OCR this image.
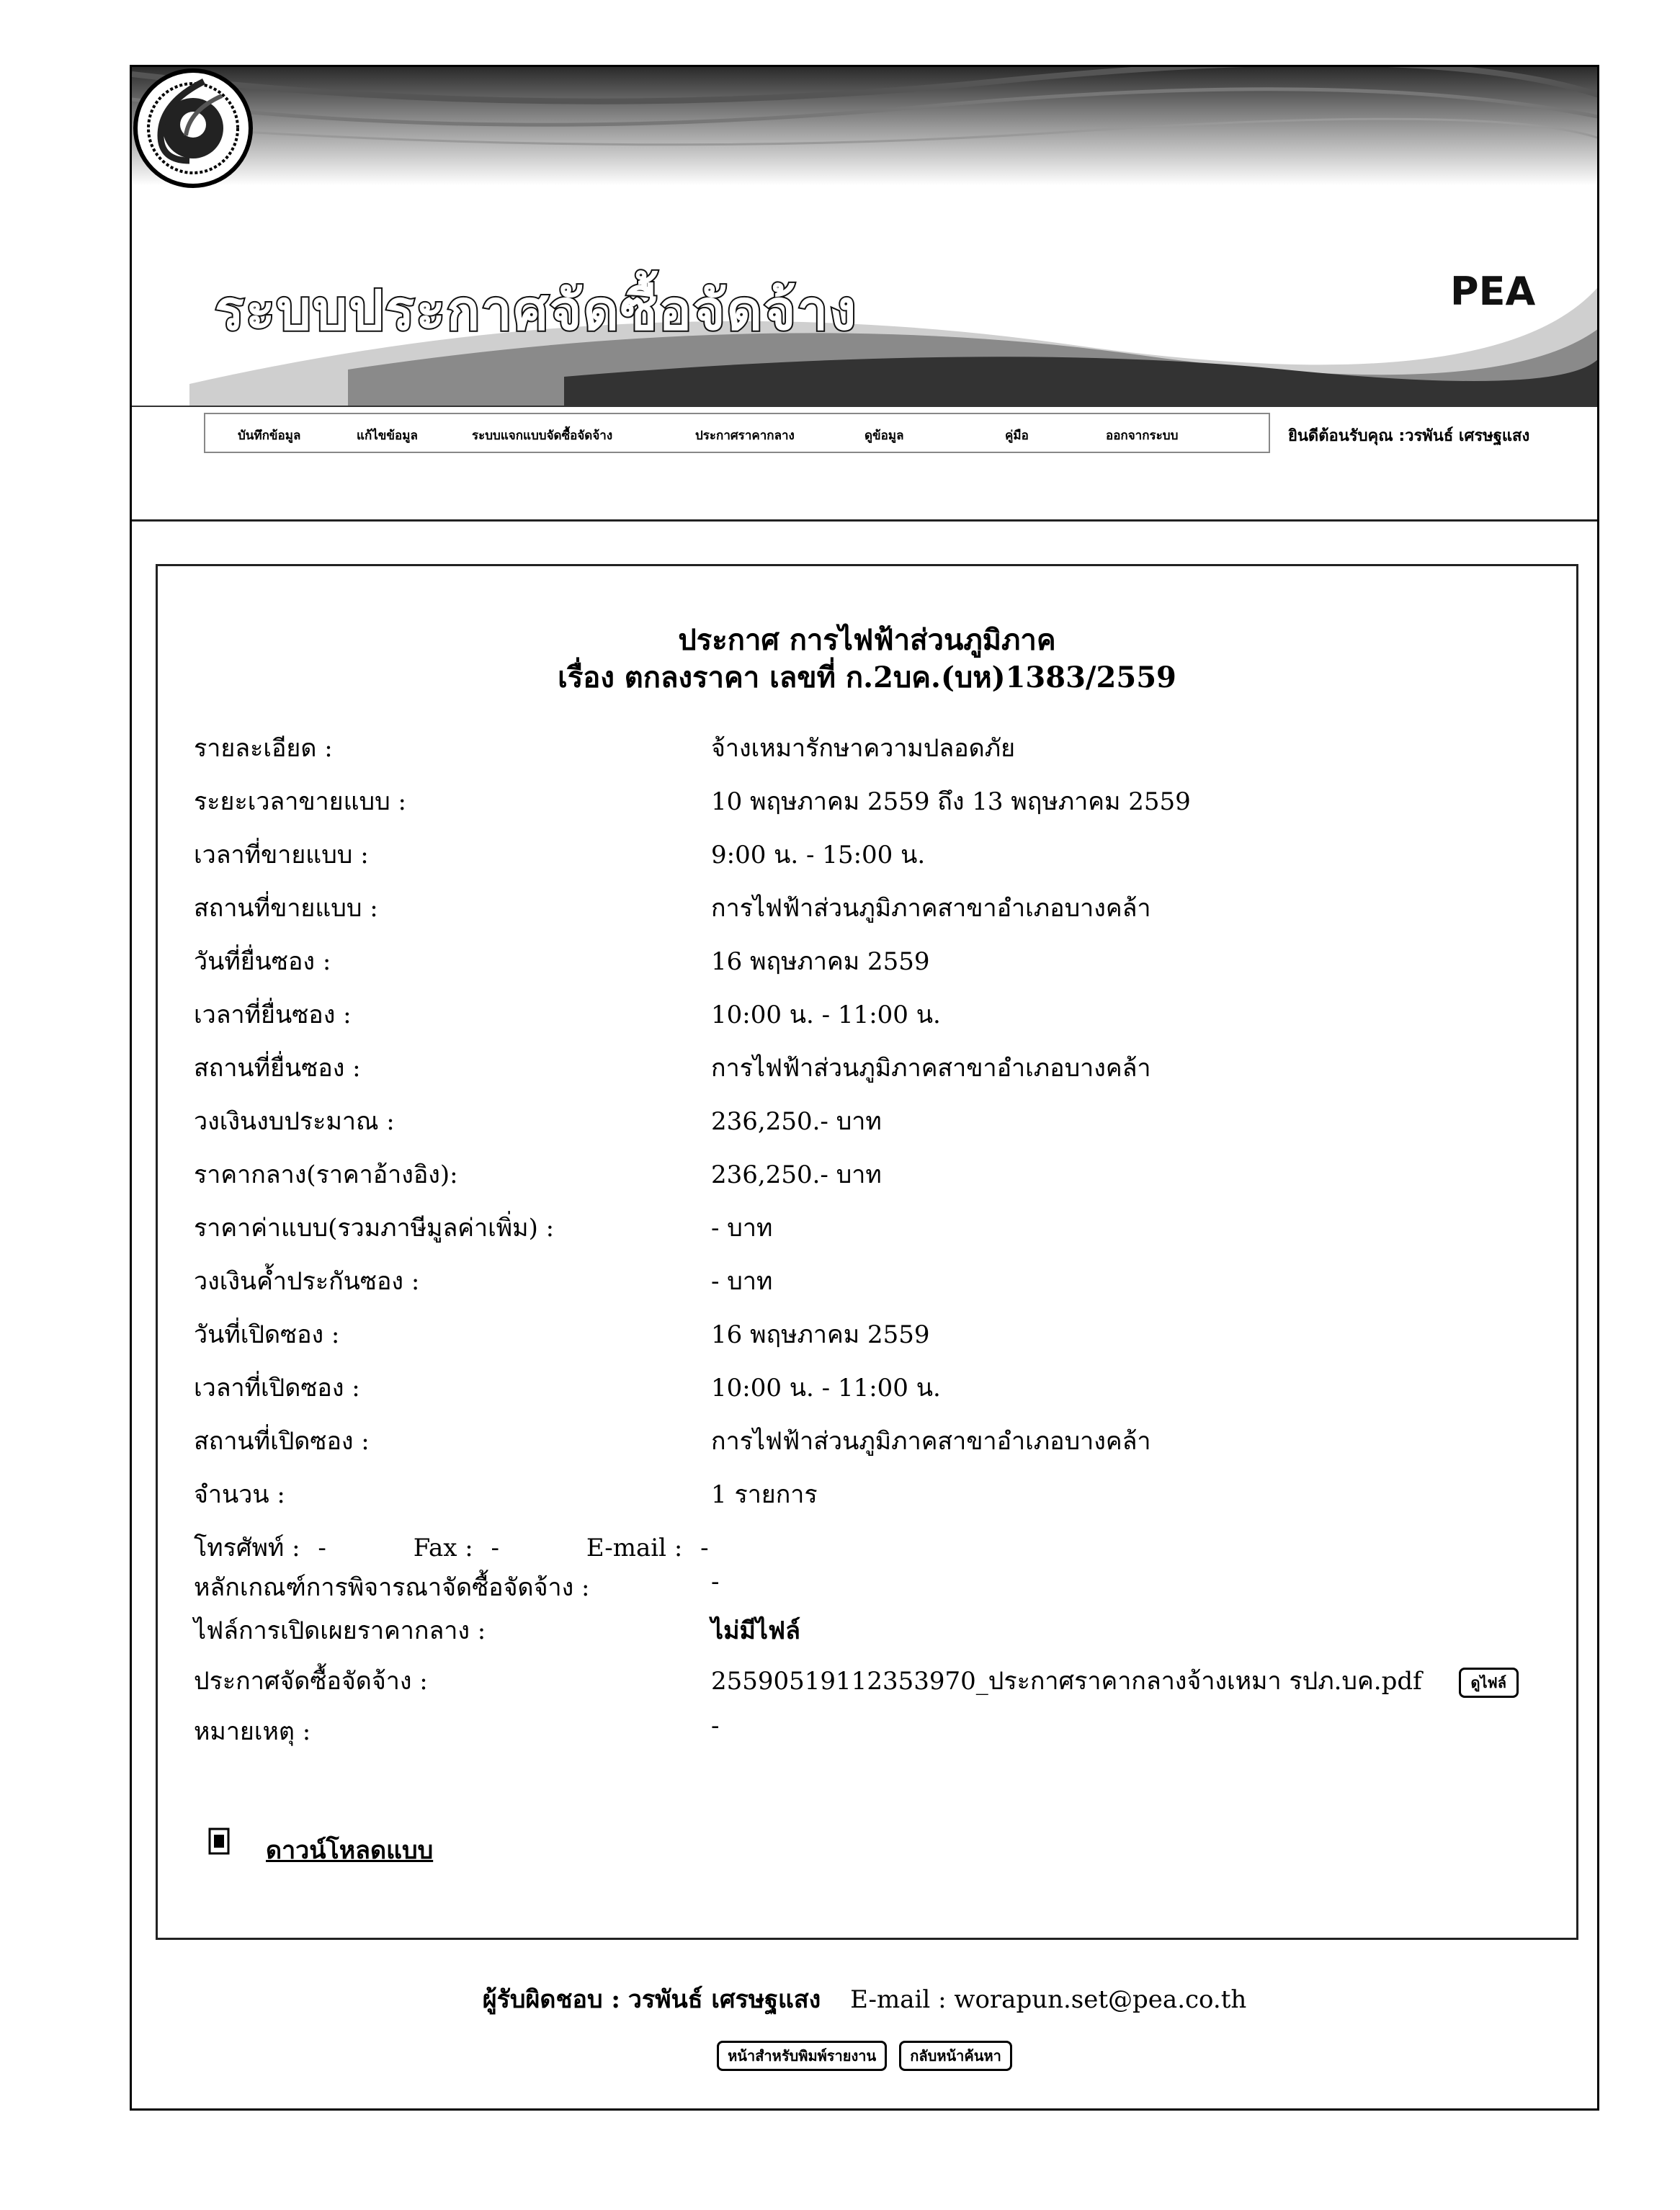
ระบบประกาศจัดซื้อจัดจ้าง	PEA
บันทึกข้อมูล	แก้ไขข้อมูล	ระบบแจกแบบจัดซื้อจัดจ้าง	ประกาศราคากลาง	ดูข้อมูล	คู่มือ	ออกจากระบบ	ยินดีต้อนรับคุณ :วรพันธ์ เศรษฐแสง
ประกาศ การไฟฟ้าส่วนภูมิภาค
เรื่อง ตกลงราคา เลขที่ ก.2บค.(บห)1383/2559
รายละเอียด :	จ้างเหมารักษาความปลอดภัย
ระยะเวลาขายแบบ :	10 พฤษภาคม 2559 ถึง 13 พฤษภาคม 2559
เวลาที่ขายแบบ :	9:00 น. - 15:00 น.
สถานที่ขายแบบ :	การไฟฟ้าส่วนภูมิภาคสาขาอำเภอบางคล้า
วันที่ยื่นซอง :	16 พฤษภาคม 2559
เวลาที่ยื่นซอง :	10:00 น. - 11:00 น.
สถานที่ยื่นซอง :	การไฟฟ้าส่วนภูมิภาคสาขาอำเภอบางคล้า
วงเงินงบประมาณ :	236,250.- บาท
ราคากลาง(ราคาอ้างอิง):	236,250.- บาท
ราคาค่าแบบ(รวมภาษีมูลค่าเพิ่ม) :	- บาท
วงเงินค้ำประกันซอง :	- บาท
วันที่เปิดซอง :	16 พฤษภาคม 2559
เวลาที่เปิดซอง :	10:00 น. - 11:00 น.
สถานที่เปิดซอง :	การไฟฟ้าส่วนภูมิภาคสาขาอำเภอบางคล้า
จำนวน :	1 รายการ
โทรศัพท์ : -	Fax : -	E-mail : -
หลักเกณฑ์การพิจารณาจัดซื้อจัดจ้าง :	-
ไฟล์การเปิดเผยราคากลาง :	ไม่มีไฟล์
ประกาศจัดซื้อจัดจ้าง :	25590519112353970_ประกาศราคากลางจ้างเหมา รปภ.บค.pdf	ดูไฟล์
หมายเหตุ :	-
ดาวน์โหลดแบบ
ผู้รับผิดชอบ : วรพันธ์ เศรษฐแสง E-mail : worapun.set@pea.co.th
หน้าสำหรับพิมพ์รายงาน กลับหน้าค้นหา
